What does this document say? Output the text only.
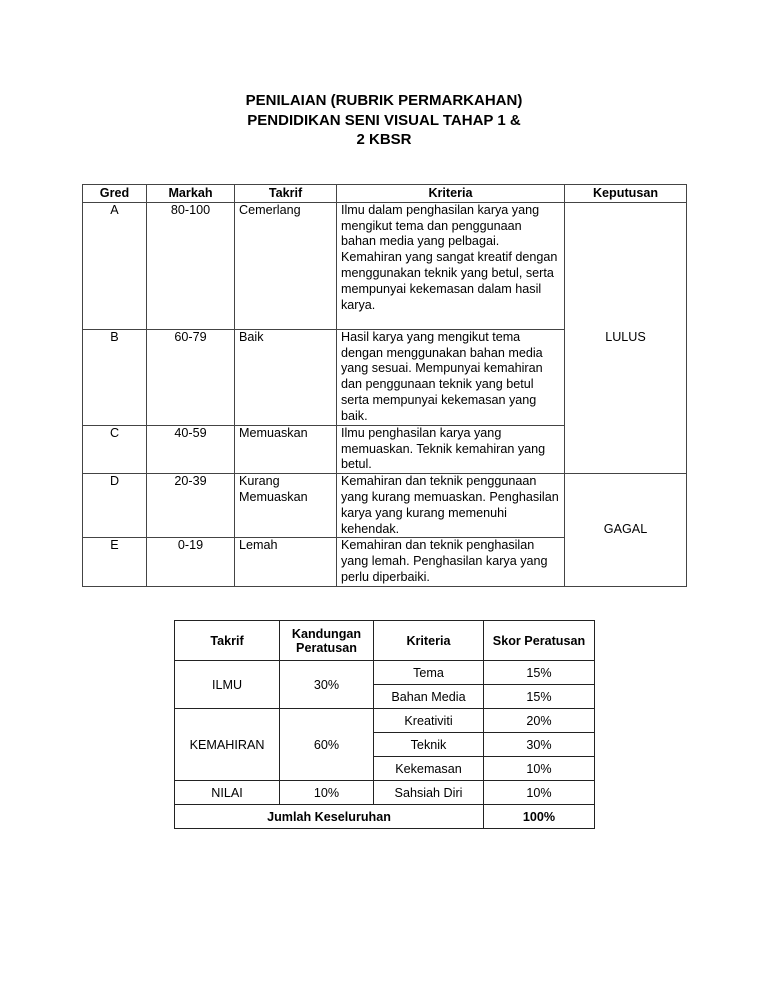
PENILAIAN (RUBRIK PERMARKAHAN)
PENDIDIKAN SENI VISUAL TAHAP 1 &
2 KBSR
Gred	Markah	Takrif	Kriteria	Keputusan
A	80-100	Cemerlang	Ilmu dalam penghasilan karya yang mengikut tema dan penggunaan bahan media yang pelbagai. Kemahiran yang sangat kreatif dengan menggunakan teknik yang betul, serta mempunyai kekemasan dalam hasil karya.	LULUS
B	60-79	Baik	Hasil karya yang mengikut tema dengan menggunakan bahan media yang sesuai. Mempunyai kemahiran dan penggunaan teknik yang betul serta mempunyai kekemasan yang baik.	
C	40-59	Memuaskan	Ilmu penghasilan karya yang memuaskan. Teknik kemahiran yang betul.	
D	20-39	Kurang Memuaskan	Kemahiran dan teknik penggunaan yang kurang memuaskan. Penghasilan karya yang kurang memenuhi kehendak.	GAGAL
E	0-19	Lemah	Kemahiran dan teknik penghasilan yang lemah. Penghasilan karya yang perlu diperbaiki.	
Takrif	Kandungan Peratusan	Kriteria	Skor Peratusan
ILMU	30%	Tema	15%
		Bahan Media	15%
KEMAHIRAN	60%	Kreativiti	20%
		Teknik	30%
		Kekemasan	10%
NILAI	10%	Sahsiah Diri	10%
Jumlah Keseluruhan			100%
